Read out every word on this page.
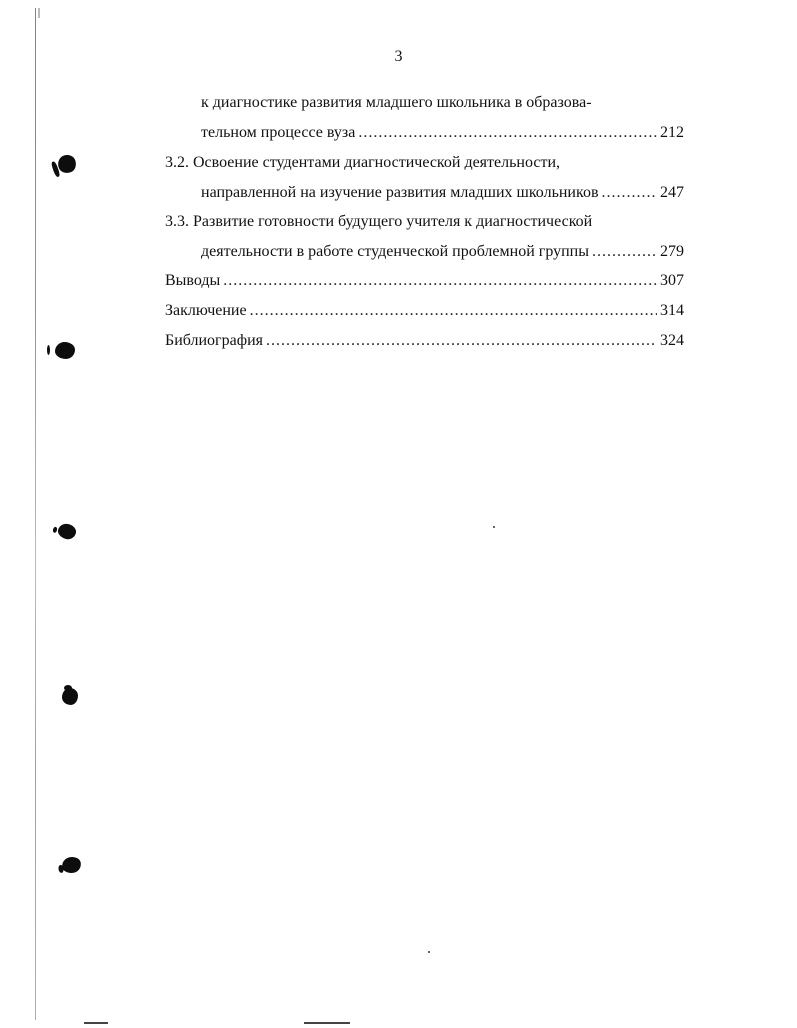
3
к диагностике развития младшего школьника в образова-
тельном процессе вуза .....	212
3.2. Освоение студентами диагностической деятельности,
направленной на изучение развития младших школьников .....	247
3.3. Развитие готовности будущего учителя к диагностической
деятельности в работе студенческой проблемной группы .....	279
Выводы .....	307
Заключение .....	314
Библиография .....	324
